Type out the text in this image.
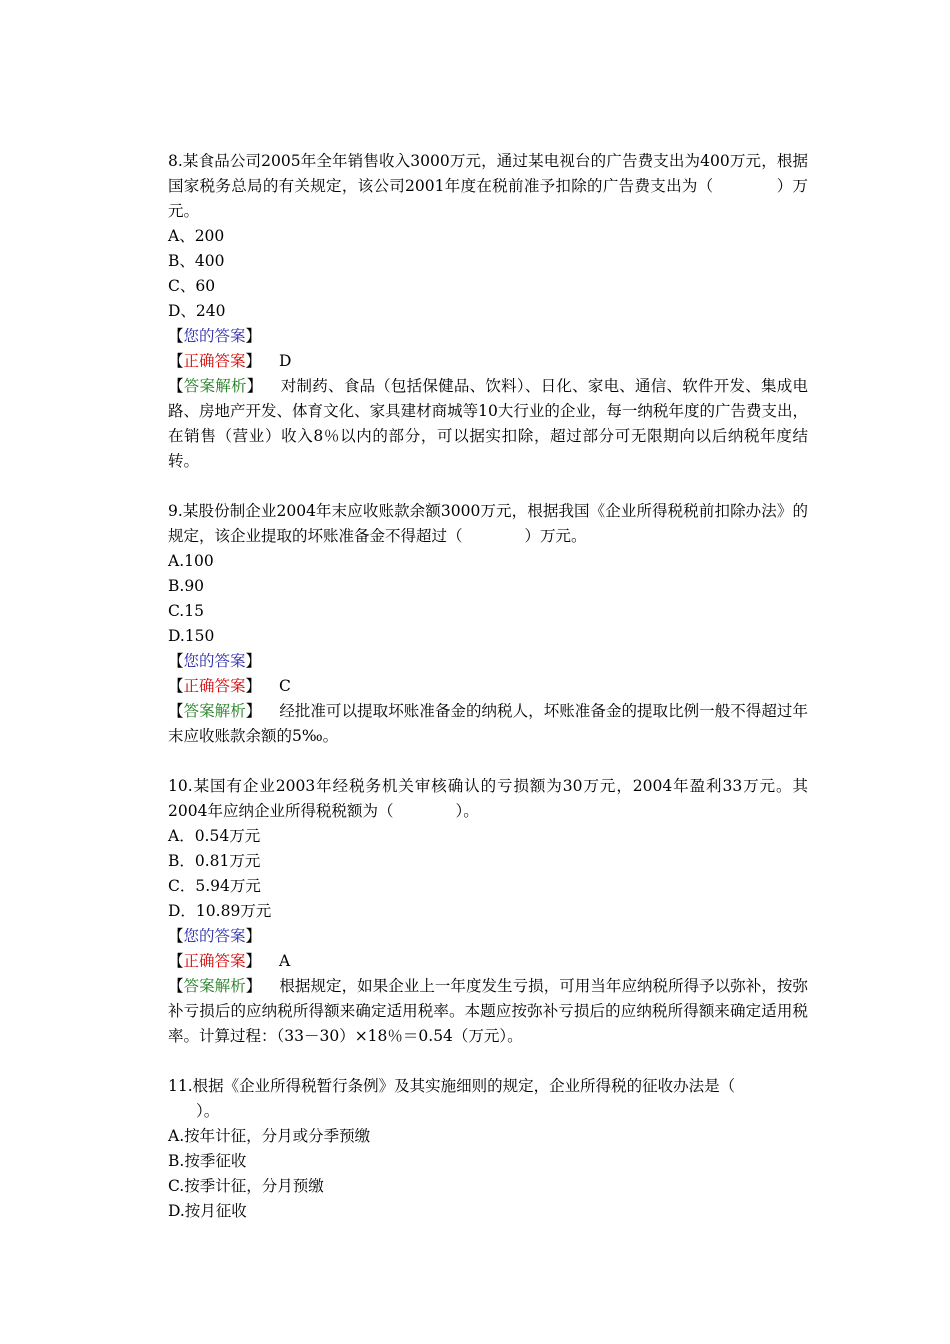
8.某食品公司2005年全年销售收入3000万元，通过某电视台的广告费支出为400万元，根据国家税务总局的有关规定，该公司2001年度在税前准予扣除的广告费支出为（　　　　）万元。
A、200
B、400
C、60
D、240
【您的答案】
【正确答案】 D
【答案解析】 对制药、食品（包括保健品、饮料）、日化、家电、通信、软件开发、集成电路、房地产开发、体育文化、家具建材商城等10大行业的企业，每一纳税年度的广告费支出，在销售（营业）收入8％以内的部分，可以据实扣除，超过部分可无限期向以后纳税年度结转。
9.某股份制企业2004年末应收账款余额3000万元，根据我国《企业所得税税前扣除办法》的规定，该企业提取的坏账准备金不得超过（　　　　）万元。
A.100
B.90
C.15
D.150
【您的答案】
【正确答案】 C
【答案解析】 经批准可以提取坏账准备金的纳税人，坏账准备金的提取比例一般不得超过年末应收账款余额的5‰。
10.某国有企业2003年经税务机关审核确认的亏损额为30万元，2004年盈利33万元。其2004年应纳企业所得税税额为（　　　　）。
A．0.54万元
B．0.81万元
C．5.94万元
D．10.89万元
【您的答案】
【正确答案】 A
【答案解析】 根据规定，如果企业上一年度发生亏损，可用当年应纳税所得予以弥补，按弥补亏损后的应纳税所得额来确定适用税率。本题应按弥补亏损后的应纳税所得额来确定适用税率。计算过程：（33－30）×18％＝0.54（万元）。
11.根据《企业所得税暂行条例》及其实施细则的规定，企业所得税的征收办法是（
）。
A.按年计征，分月或分季预缴
B.按季征收
C.按季计征，分月预缴
D.按月征收
